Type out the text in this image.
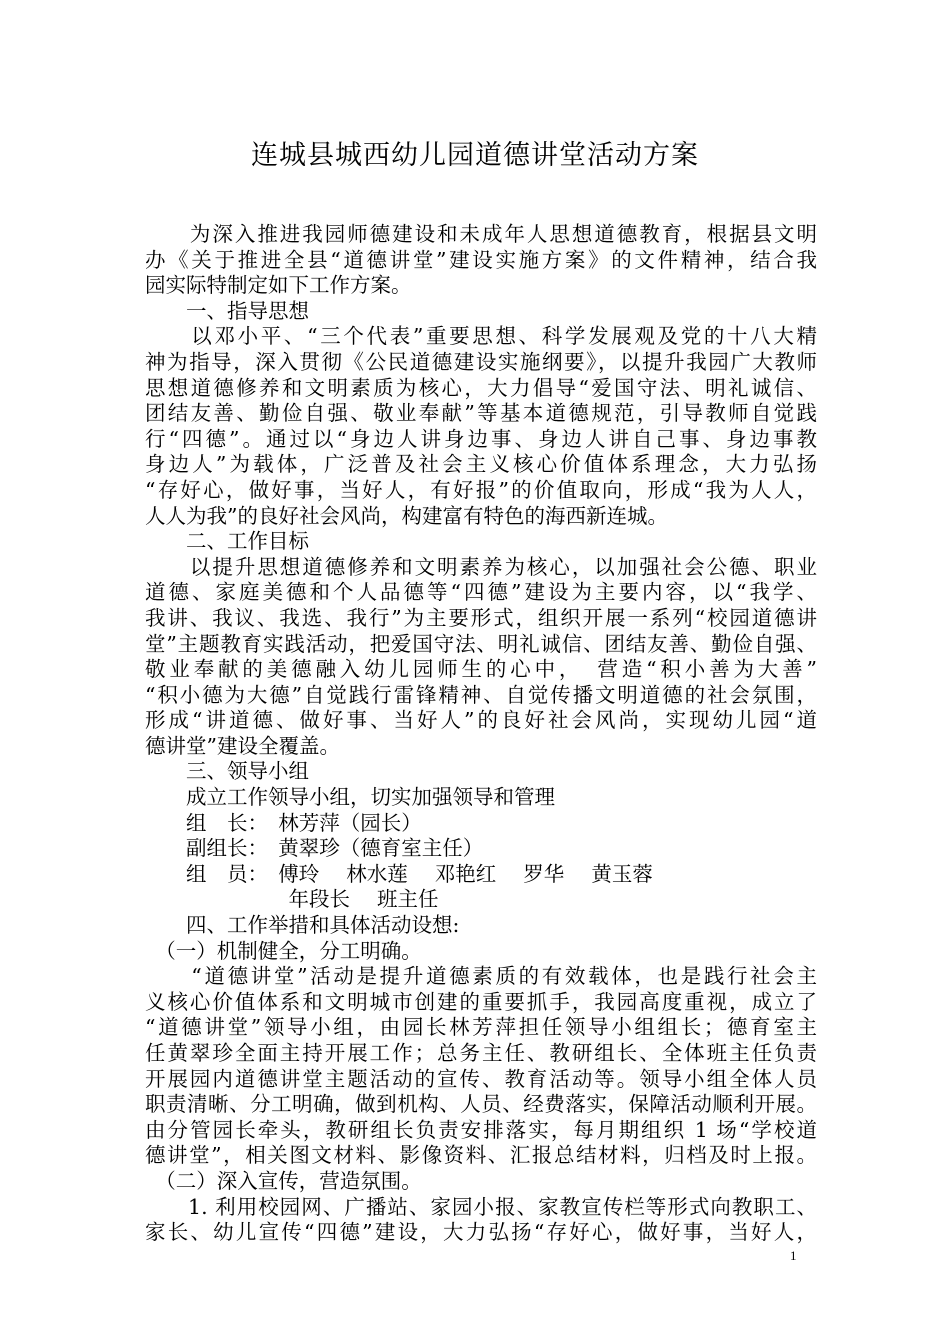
连城县城西幼儿园道德讲堂活动方案
　　为深入推进我园师德建设和未成年人思想道德教育，根据县文明
办《关于推进全县“道德讲堂”建设实施方案》的文件精神，结合我
园实际特制定如下工作方案。
　　一、指导思想
　　以邓小平、“三个代表”重要思想、科学发展观及党的十八大精
神为指导，深入贯彻《公民道德建设实施纲要》，以提升我园广大教师
思想道德修养和文明素质为核心，大力倡导“爱国守法、明礼诚信、
团结友善、勤俭自强、敬业奉献”等基本道德规范，引导教师自觉践
行“四德”。通过以“身边人讲身边事、身边人讲自己事、身边事教
身边人”为载体，广泛普及社会主义核心价值体系理念，大力弘扬
“存好心，做好事，当好人，有好报”的价值取向，形成“我为人人，
人人为我”的良好社会风尚，构建富有特色的海西新连城。
　　二、工作目标
　　以提升思想道德修养和文明素养为核心，以加强社会公德、职业
道德、家庭美德和个人品德等“四德”建设为主要内容，以“我学、
我讲、我议、我选、我行”为主要形式，组织开展一系列“校园道德讲
堂”主题教育实践活动，把爱国守法、明礼诚信、团结友善、勤俭自强、
敬业奉献的美德融入幼儿园师生的心中，　营造“积小善为大善”
“积小德为大德”自觉践行雷锋精神、自觉传播文明道德的社会氛围，
形成“讲道德、做好事、当好人”的良好社会风尚，实现幼儿园“道
德讲堂”建设全覆盖。
　　三、领导小组
　　成立工作领导小组，切实加强领导和管理
　　组　长：　林芳萍（园长）
　　副组长：　黄翠珍（德育室主任）
　　组　员：　傅玲　 林水莲　 邓艳红　 罗华　 黄玉蓉
　　　　　　　年段长　 班主任
　　四、工作举措和具体活动设想:
　（一）机制健全，分工明确。
　　“道德讲堂”活动是提升道德素质的有效载体，也是践行社会主
义核心价值体系和文明城市创建的重要抓手，我园高度重视，成立了
“道德讲堂”领导小组，由园长林芳萍担任领导小组组长；德育室主
任黄翠珍全面主持开展工作；总务主任、教研组长、全体班主任负责
开展园内道德讲堂主题活动的宣传、教育活动等。领导小组全体人员
职责清晰、分工明确，做到机构、人员、经费落实，保障活动顺利开展。
由分管园长牵头，教研组长负责安排落实，每月期组织 1 场“学校道
德讲堂”，相关图文材料、影像资料、汇报总结材料，归档及时上报。
　（二）深入宣传，营造氛围。
　　1. 利用校园网、广播站、家园小报、家教宣传栏等形式向教职工、
家长、幼儿宣传“四德”建设，大力弘扬“存好心，做好事，当好人，
1
